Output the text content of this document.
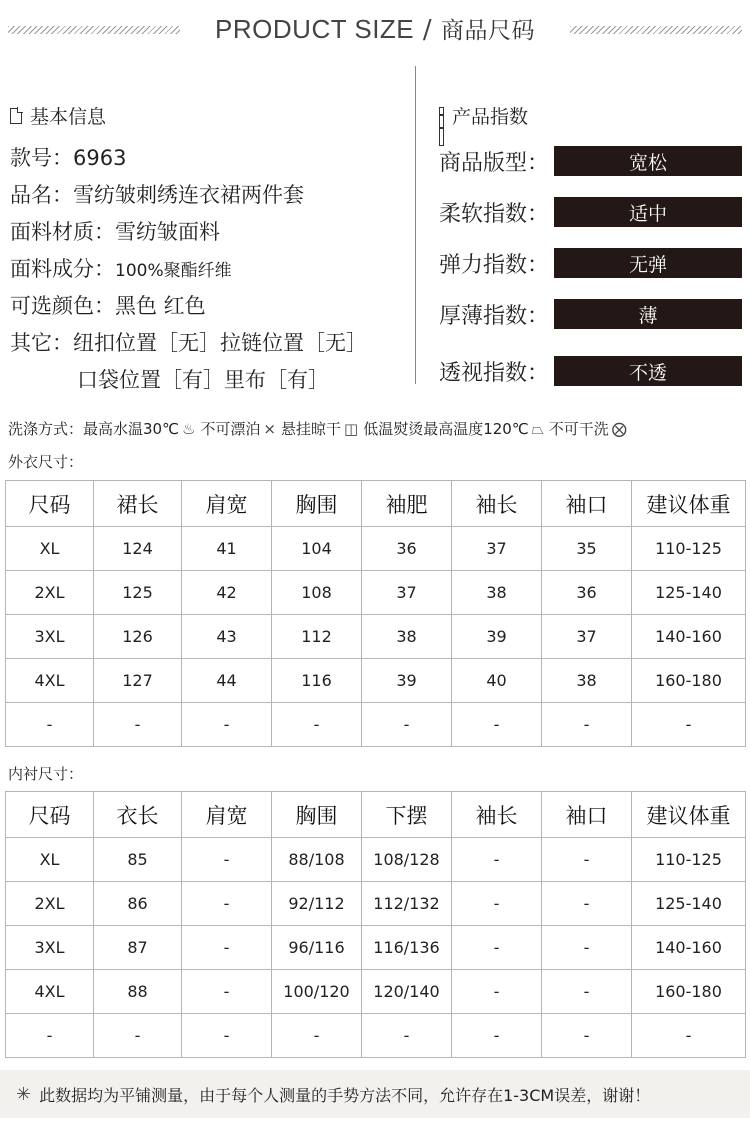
PRODUCT SIZE / 商品尺码
基本信息
款号：6963
品名：雪纺皱刺绣连衣裙两件套
面料材质：雪纺皱面料
面料成分：100%聚酯纤维
可选颜色：黑色 红色
其它：纽扣位置［无］拉链位置［无］
口袋位置［有］里布［有］
产品指数
商品版型：	宽松
柔软指数：	适中
弹力指数：	无弹
厚薄指数：	薄
透视指数：	不透
洗涤方式： 最高水温30℃ ♨ 不可漂泊 ⨯ 悬挂晾干 ◫ 低温熨烫最高温度120℃ ⏢ 不可干洗 ⨂
外衣尺寸：
尺码	裙长	肩宽	胸围	袖肥	袖长	袖口	建议体重
XL	124	41	104	36	37	35	110-125
2XL	125	42	108	37	38	36	125-140
3XL	126	43	112	38	39	37	140-160
4XL	127	44	116	39	40	38	160-180
-	-	-	-	-	-	-	-
内衬尺寸：
尺码	衣长	肩宽	胸围	下摆	袖长	袖口	建议体重
XL	85	-	88/108	108/128	-	-	110-125
2XL	86	-	92/112	112/132	-	-	125-140
3XL	87	-	96/116	116/136	-	-	140-160
4XL	88	-	100/120	120/140	-	-	160-180
-	-	-	-	-	-	-	-
✳ 此数据均为平铺测量，由于每个人测量的手势方法不同，允许存在1-3CM误差，谢谢！
